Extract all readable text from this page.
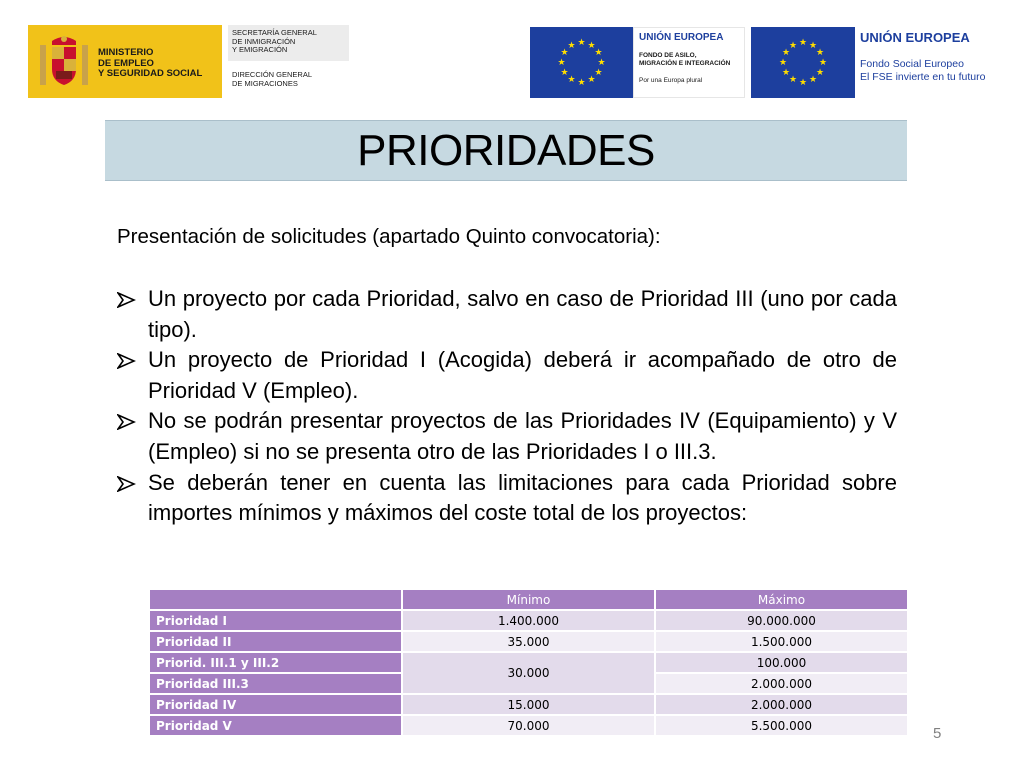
MINISTERIO
DE EMPLEO
Y SEGURIDAD SOCIAL
SECRETARÍA GENERAL
DE INMIGRACIÓN
Y EMIGRACIÓN
DIRECCIÓN GENERAL
DE MIGRACIONES
★ ★
★
★
★
★
★
★
★
★
★
★
UNIÓN EUROPEA
FONDO DE ASILO,
MIGRACIÓN E INTEGRACIÓN
Por una Europa plural
★ ★
★
★
★
★
★
★
★
★
★
★
UNIÓN EUROPEA
Fondo Social Europeo
El FSE invierte en tu futuro
PRIORIDADES
Presentación de solicitudes (apartado Quinto convocatoria):
Un proyecto por cada Prioridad, salvo en caso de Prioridad III (uno por cada tipo).
Un proyecto de Prioridad I (Acogida) deberá ir acompañado de otro de Prioridad V (Empleo).
No se podrán presentar proyectos de las Prioridades IV (Equipamiento) y V (Empleo) si no se presenta otro de las Prioridades I o III.3.
Se deberán tener en cuenta las limitaciones para cada Prioridad sobre importes mínimos y máximos del coste total de los proyectos:
	Mínimo	Máximo
Prioridad I	1.400.000	90.000.000
Prioridad II	35.000	1.500.000
Priorid. III.1 y III.2	30.000	100.000
Prioridad III.3		2.000.000
Prioridad IV	15.000	2.000.000
Prioridad V	70.000	5.500.000	5
